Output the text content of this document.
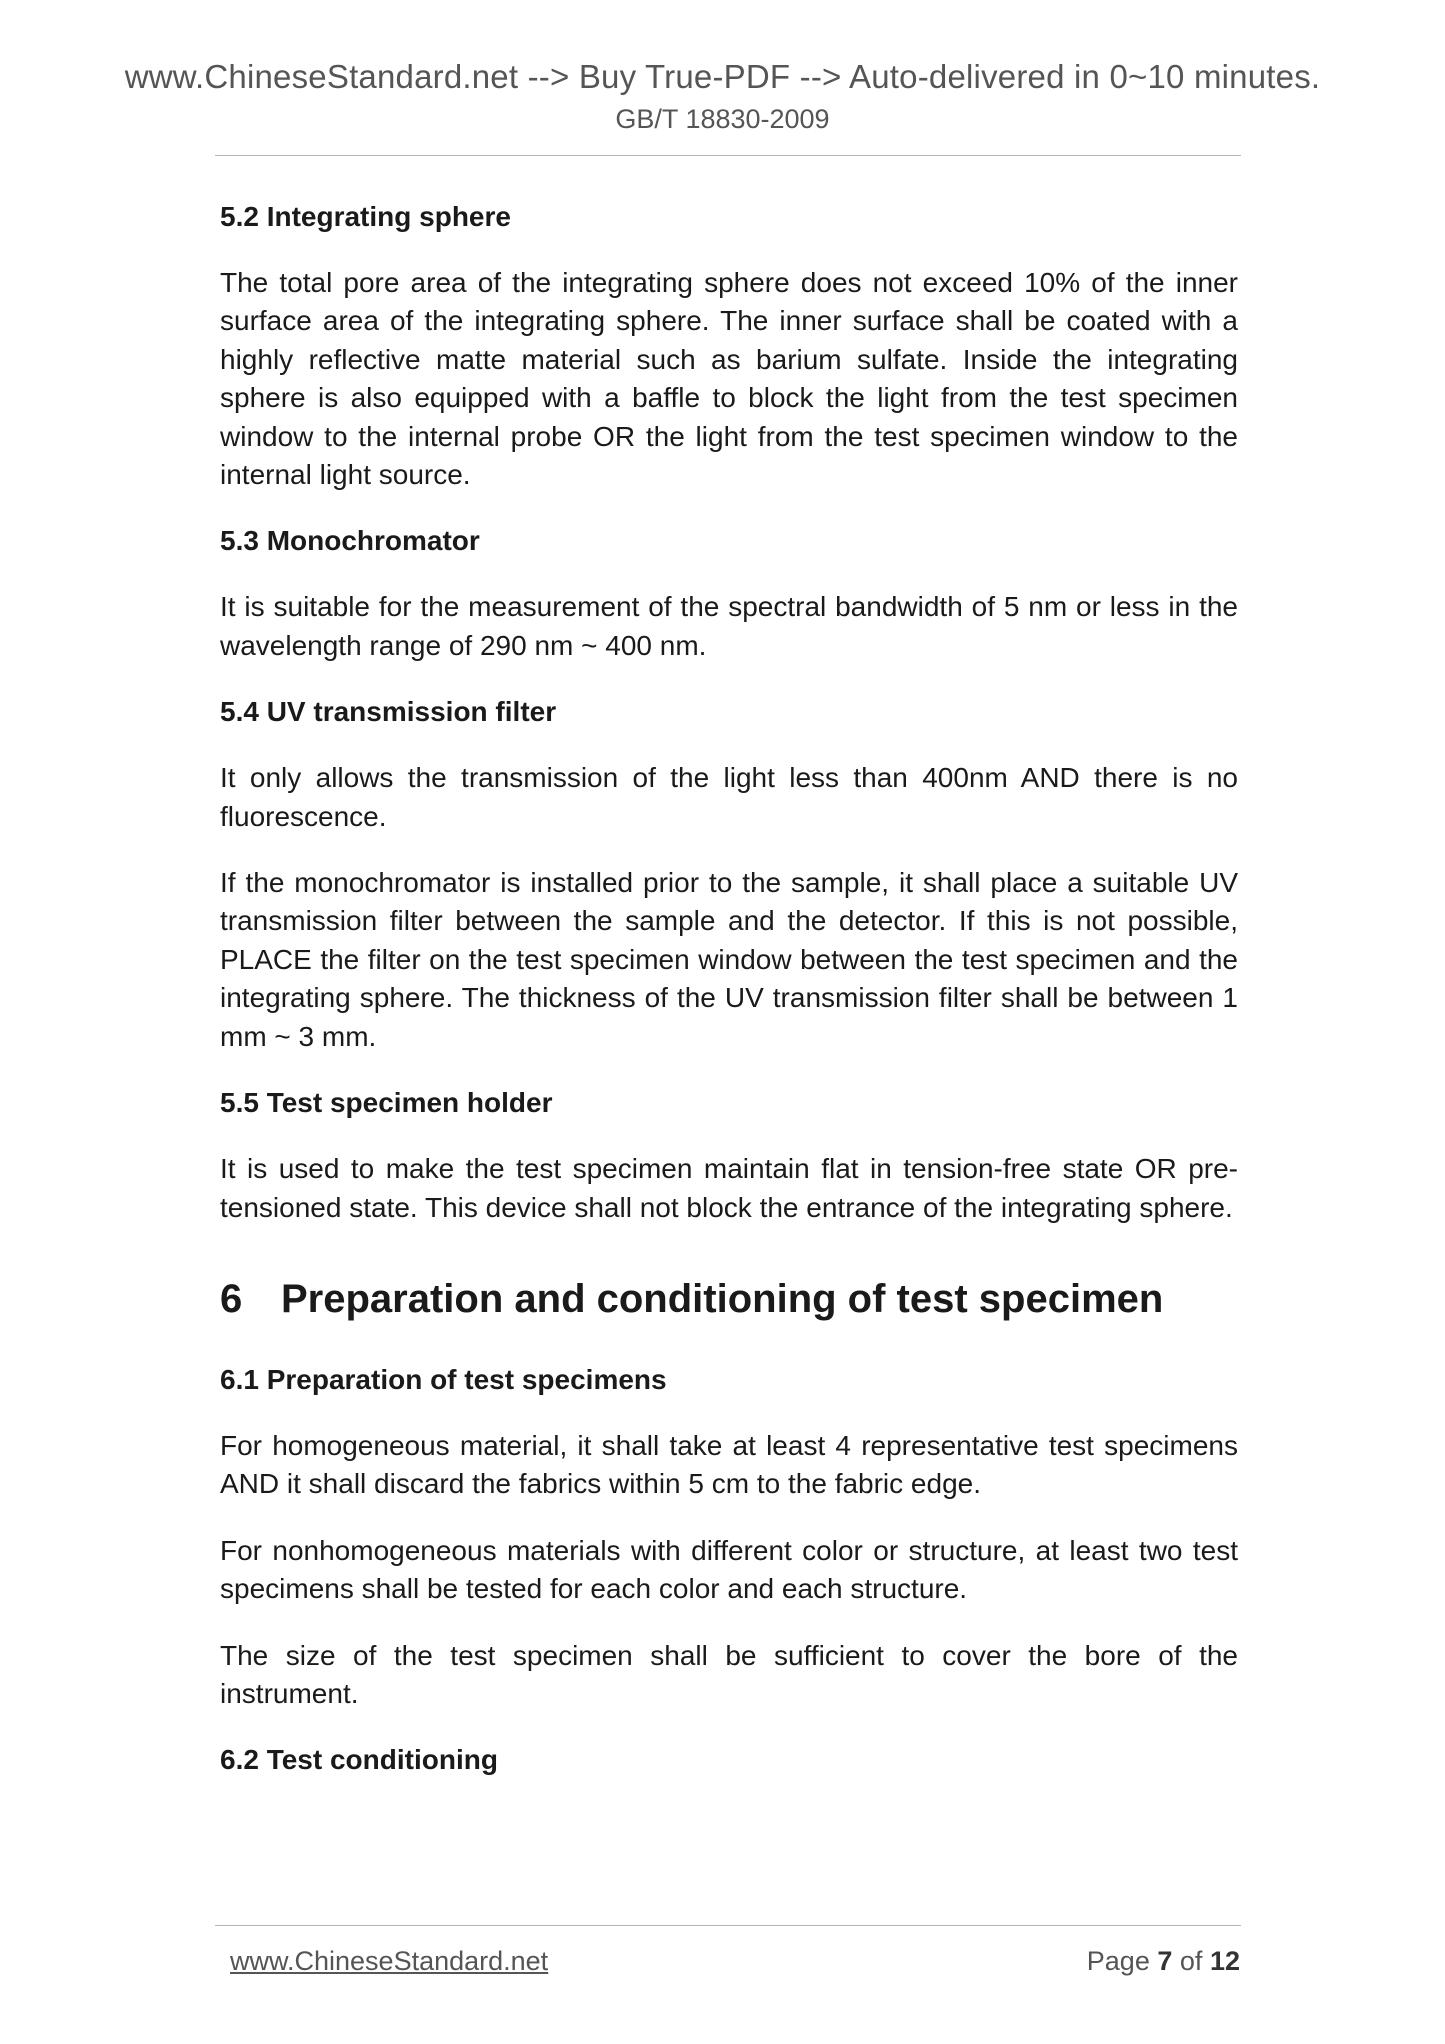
www.ChineseStandard.net --> Buy True-PDF --> Auto-delivered in 0~10 minutes.
GB/T 18830-2009
5.2 Integrating sphere
The total pore area of the integrating sphere does not exceed 10% of the inner surface area of the integrating sphere. The inner surface shall be coated with a highly reflective matte material such as barium sulfate. Inside the integrating sphere is also equipped with a baffle to block the light from the test specimen window to the internal probe OR the light from the test specimen window to the internal light source.
5.3 Monochromator
It is suitable for the measurement of the spectral bandwidth of 5 nm or less in the wavelength range of 290 nm ~ 400 nm.
5.4 UV transmission filter
It only allows the transmission of the light less than 400nm AND there is no fluorescence.
If the monochromator is installed prior to the sample, it shall place a suitable UV transmission filter between the sample and the detector. If this is not possible, PLACE the filter on the test specimen window between the test specimen and the integrating sphere. The thickness of the UV transmission filter shall be between 1 mm ~ 3 mm.
5.5 Test specimen holder
It is used to make the test specimen maintain flat in tension-free state OR pre-tensioned state. This device shall not block the entrance of the integrating sphere.
6 Preparation and conditioning of test specimen
6.1 Preparation of test specimens
For homogeneous material, it shall take at least 4 representative test specimens AND it shall discard the fabrics within 5 cm to the fabric edge.
For nonhomogeneous materials with different color or structure, at least two test specimens shall be tested for each color and each structure.
The size of the test specimen shall be sufficient to cover the bore of the instrument.
6.2 Test conditioning
www.ChineseStandard.net	Page 7 of 12
